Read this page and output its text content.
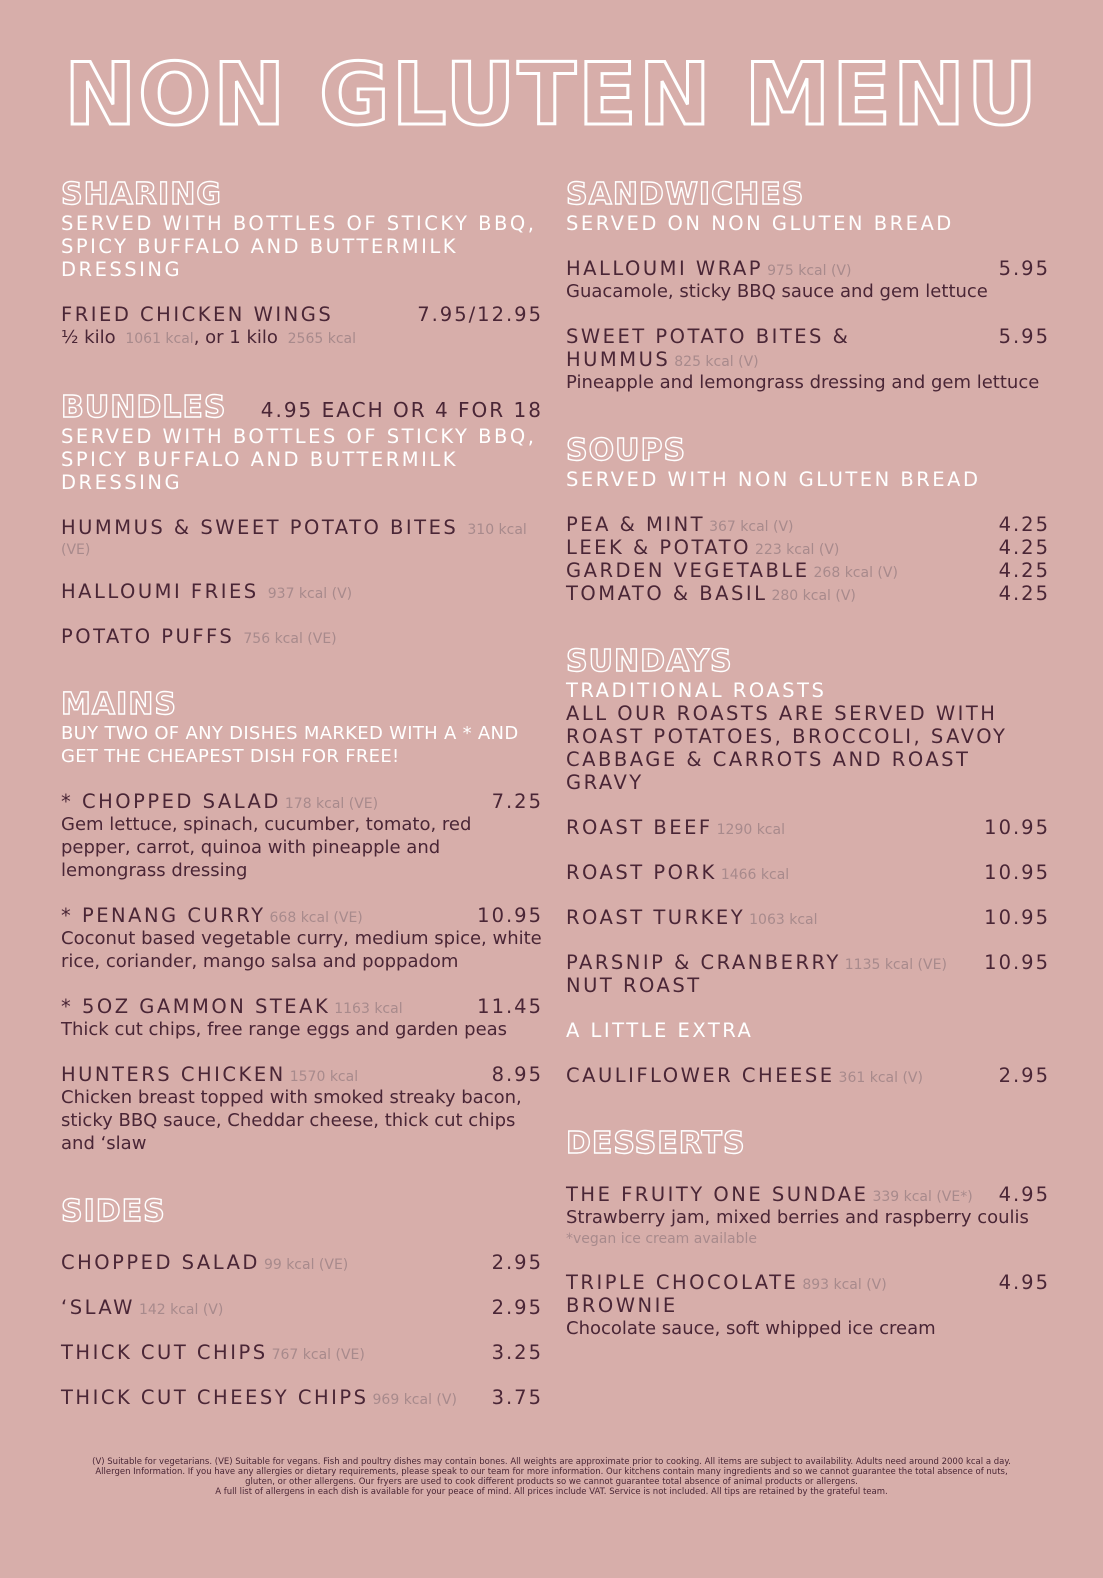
NON GLUTEN MENU
SHARING

SERVED WITH BOTTLES OF STICKY BBQ, SPICY BUFFALO AND BUTTERMILK DRESSING

FRIED CHICKEN WINGS	7.95/12.95
½ kilo 1061 kcal, or 1 kilo 2565 kcal
BUNDLES 4.95 EACH OR 4 FOR 18

SERVED WITH BOTTLES OF STICKY BBQ, SPICY BUFFALO AND BUTTERMILK DRESSING

HUMMUS & SWEET POTATO BITES 310 kcal (VE)
HALLOUMI FRIES 937 kcal (V)
POTATO PUFFS 756 kcal (VE)
MAINS

BUY TWO OF ANY DISHES MARKED WITH A * AND GET THE CHEAPEST DISH FOR FREE!

* CHOPPED SALAD 178 kcal (VE)	7.25
Gem lettuce, spinach, cucumber, tomato, red pepper, carrot, quinoa with pineapple and lemongrass dressing
* PENANG CURRY 668 kcal (VE)	10.95
Coconut based vegetable curry, medium spice, white rice, coriander, mango salsa and poppadom
* 5OZ GAMMON STEAK 1163 kcal	11.45
Thick cut chips, free range eggs and garden peas
HUNTERS CHICKEN 1570 kcal	8.95
Chicken breast topped with smoked streaky bacon, sticky BBQ sauce, Cheddar cheese, thick cut chips and ‘slaw
SIDES
CHOPPED SALAD 99 kcal (VE)	2.95
‘SLAW 142 kcal (V)	2.95
THICK CUT CHIPS 767 kcal (VE)	3.25
THICK CUT CHEESY CHIPS 969 kcal (V) 3.75
SANDWICHES

SERVED ON NON GLUTEN BREAD

HALLOUMI WRAP 975 kcal (V)	5.95
Guacamole, sticky BBQ sauce and gem lettuce
SWEET POTATO BITES & HUMMUS 825 kcal (V)
5.95
Pineapple and lemongrass dressing and gem lettuce
SOUPS

SERVED WITH NON GLUTEN BREAD

PEA & MINT 367 kcal (V)	4.25
LEEK & POTATO 223 kcal (V)	4.25
GARDEN VEGETABLE 268 kcal (V)	4.25
TOMATO & BASIL 280 kcal (V)	4.25
SUNDAYS

TRADITIONAL ROASTS

ALL OUR ROASTS ARE SERVED WITH ROAST POTATOES, BROCCOLI, SAVOY CABBAGE & CARROTS AND ROAST GRAVY

ROAST BEEF 1290 kcal	10.95
ROAST PORK 1466 kcal	10.95
ROAST TURKEY 1063 kcal	10.95
PARSNIP & CRANBERRY 1135 kcal (VE) 10.95
NUT ROAST
A LITTLE EXTRA
CAULIFLOWER CHEESE 361 kcal (V)	2.95
DESSERTS
THE FRUITY ONE SUNDAE 339 kcal (VE*) 4.95
Strawberry jam, mixed berries and raspberry coulis
*vegan ice cream available
TRIPLE CHOCOLATE 893 kcal (V)	4.95
BROWNIE
Chocolate sauce, soft whipped ice cream
(V) Suitable for vegetarians. (VE) Suitable for vegans. Fish and poultry dishes may contain bones. All weights are approximate prior to cooking. All items are subject to availability. Adults need around 2000 kcal a day.
Allergen Information. If you have any allergies or dietary requirements, please speak to our team for more information. Our kitchens contain many ingredients and so we cannot guarantee the total absence of nuts,
gluten, or other allergens. Our fryers are used to cook different products so we cannot guarantee total absence of animal products or allergens.
A full list of allergens in each dish is available for your peace of mind. All prices include VAT. Service is not included. All tips are retained by the grateful team.
